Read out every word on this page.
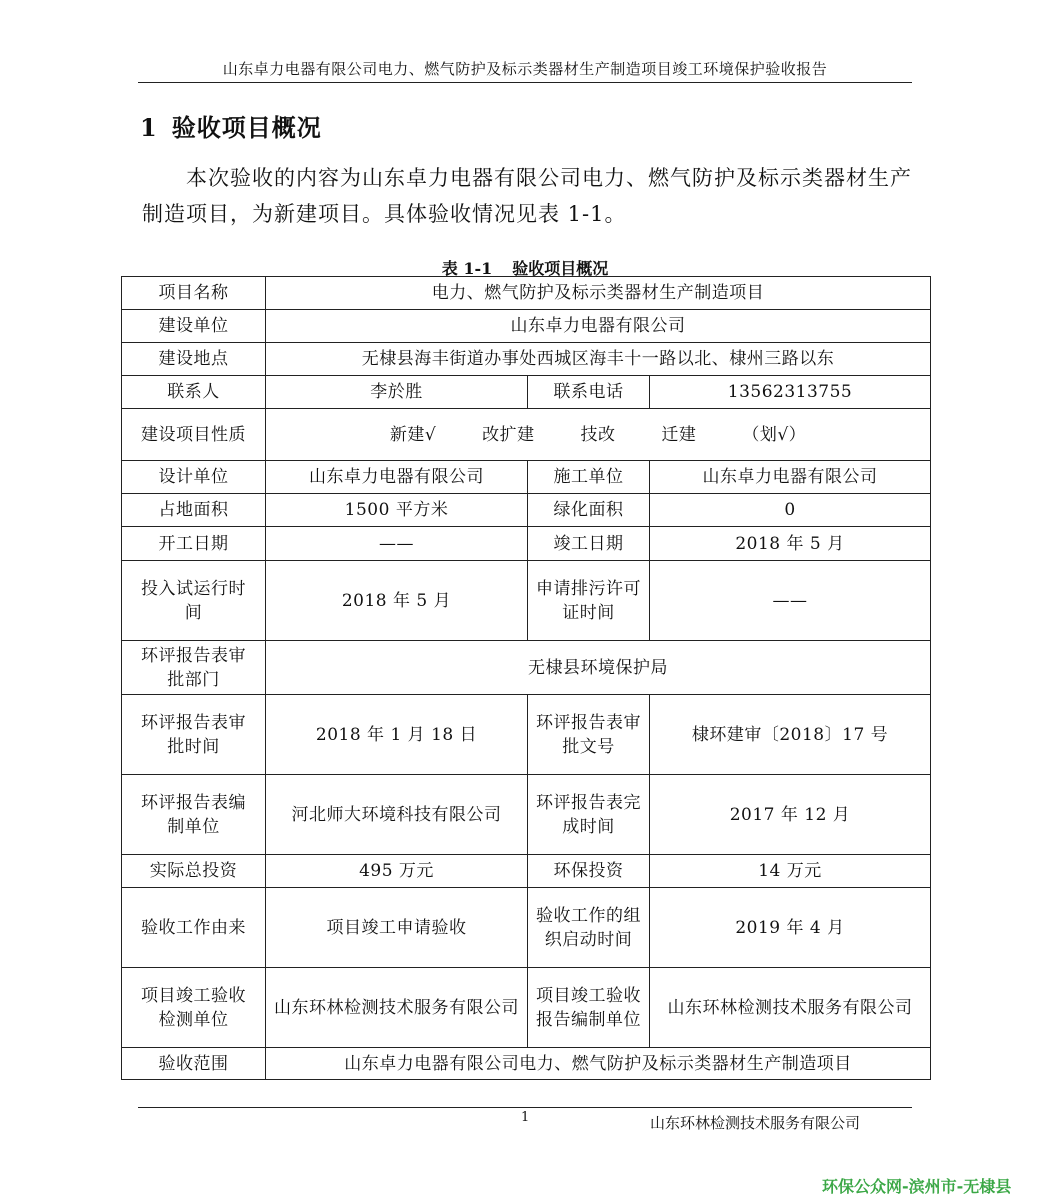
山东卓力电器有限公司电力、燃气防护及标示类器材生产制造项目竣工环境保护验收报告
1 验收项目概况
本次验收的内容为山东卓力电器有限公司电力、燃气防护及标示类器材生产制造项目，为新建项目。具体验收情况见表 1-1。
表 1-1 验收项目概况
项目名称	电力、燃气防护及标示类器材生产制造项目		
建设单位	山东卓力电器有限公司		
建设地点	无棣县海丰街道办事处西城区海丰十一路以北、棣州三路以东		
联系人	李於胜	联系电话	13562313755
建设项目性质	新建√ 改扩建 技改 迁建 （划√）		
设计单位	山东卓力电器有限公司	施工单位	山东卓力电器有限公司
占地面积	1500 平方米	绿化面积	0
开工日期	——	竣工日期	2018 年 5 月
投入试运行时间	2018 年 5 月	申请排污许可证时间	——
环评报告表审批部门	无棣县环境保护局		
环评报告表审批时间	2018 年 1 月 18 日	环评报告表审批文号	棣环建审〔2018〕17 号
环评报告表编制单位	河北师大环境科技有限公司	环评报告表完成时间	2017 年 12 月
实际总投资	495 万元	环保投资	14 万元
验收工作由来	项目竣工申请验收	验收工作的组织启动时间	2019 年 4 月
项目竣工验收检测单位	山东环林检测技术服务有限公司	项目竣工验收报告编制单位	山东环林检测技术服务有限公司
验收范围	山东卓力电器有限公司电力、燃气防护及标示类器材生产制造项目		
1	山东环林检测技术服务有限公司
环保公众网-滨州市-无棣县
